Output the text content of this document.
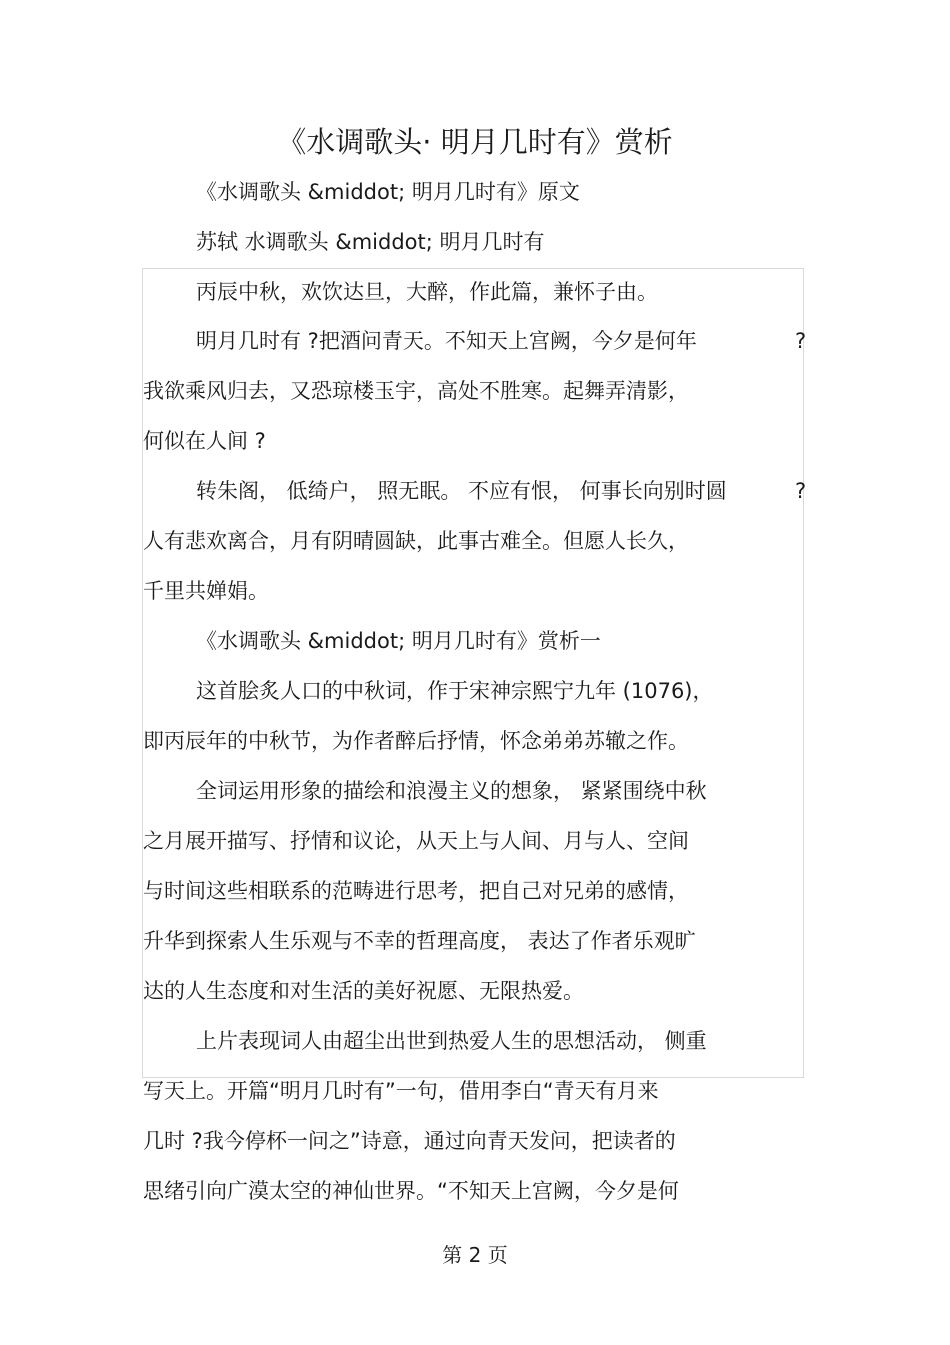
《水调歌头· 明月几时有》赏析
《水调歌头 &middot; 明月几时有》原文
苏轼 水调歌头 &middot; 明月几时有
丙辰中秋，欢饮达旦，大醉，作此篇，兼怀子由。
明月几时有 ?把酒问青天。不知天上宫阙，今夕是何年	?
我欲乘风归去，又恐琼楼玉宇，高处不胜寒。起舞弄清影，
何似在人间 ?
转朱阁， 低绮户， 照无眠。 不应有恨， 何事长向别时圆	?
人有悲欢离合，月有阴晴圆缺，此事古难全。但愿人长久，
千里共婵娟。
《水调歌头 &middot; 明月几时有》赏析一
这首脍炙人口的中秋词，作于宋神宗熙宁九年 (1076)，
即丙辰年的中秋节，为作者醉后抒情，怀念弟弟苏辙之作。
全词运用形象的描绘和浪漫主义的想象， 紧紧围绕中秋
之月展开描写、抒情和议论，从天上与人间、月与人、空间
与时间这些相联系的范畴进行思考，把自己对兄弟的感情，
升华到探索人生乐观与不幸的哲理高度， 表达了作者乐观旷
达的人生态度和对生活的美好祝愿、无限热爱。
上片表现词人由超尘出世到热爱人生的思想活动， 侧重
写天上。开篇“明月几时有”一句，借用李白“青天有月来
几时 ?我今停杯一问之”诗意，通过向青天发问，把读者的
思绪引向广漠太空的神仙世界。“不知天上宫阙，今夕是何
第 2 页
